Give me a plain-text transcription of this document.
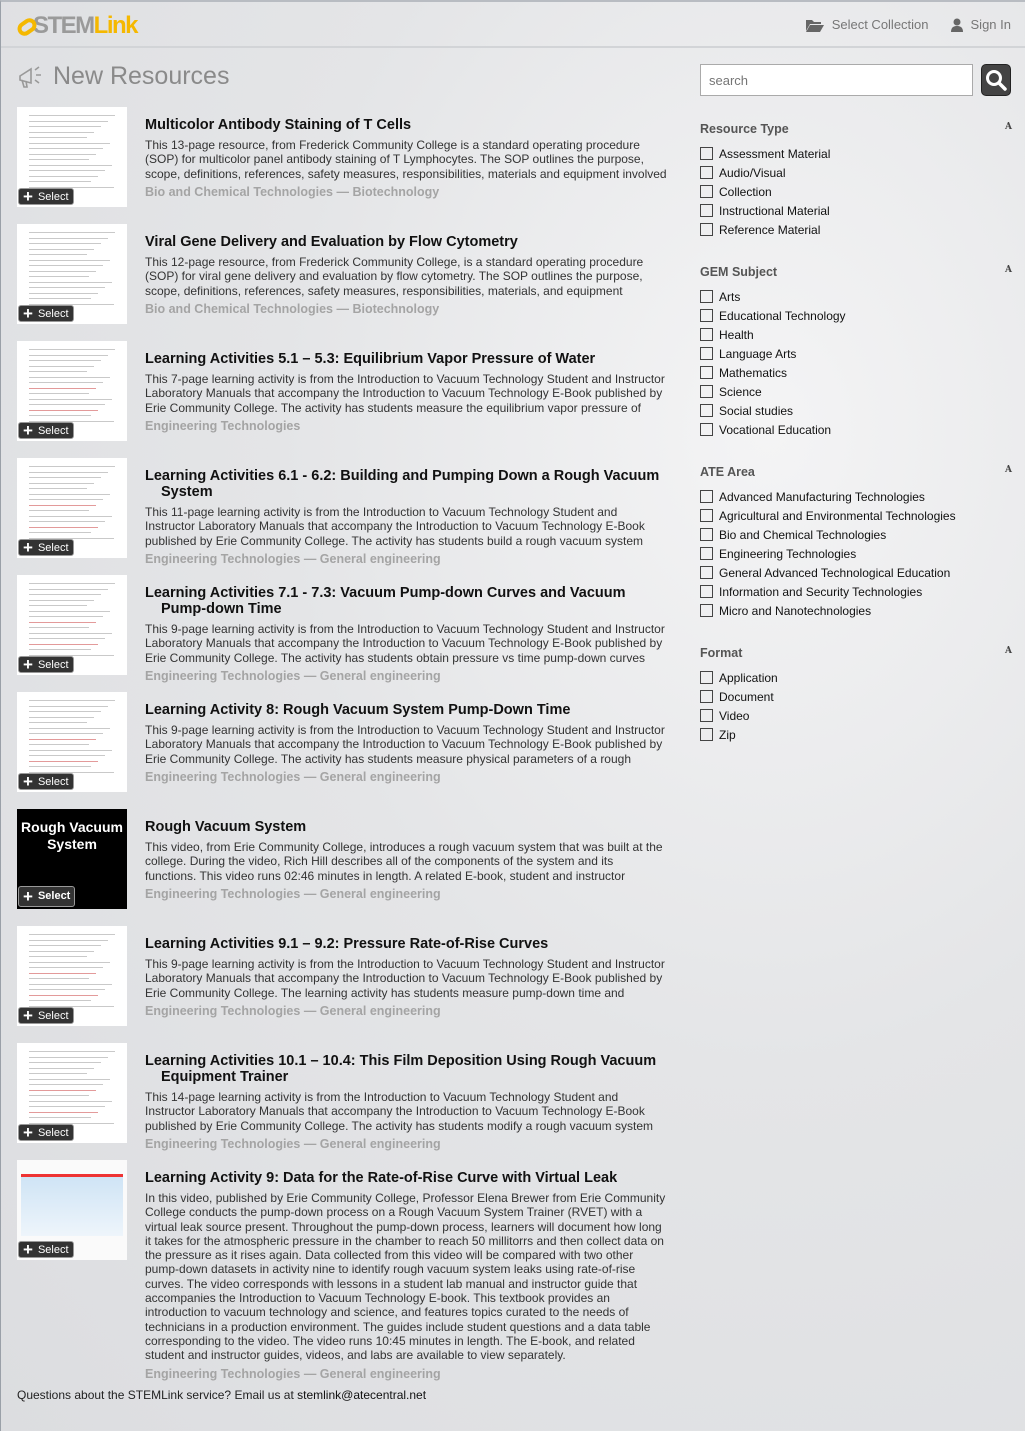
STEMLink	Select Collection	Sign In
New Resources
+ Select
Multicolor Antibody Staining of T Cells
This 13-page resource, from Frederick Community College is a standard operating procedure (SOP) for multicolor panel antibody staining of T Lymphocytes. The SOP outlines the purpose, scope, definitions, references, safety measures, responsibilities, materials and equipment involved
Bio and Chemical Technologies — Biotechnology
+ Select
Viral Gene Delivery and Evaluation by Flow Cytometry
This 12-page resource, from Frederick Community College, is a standard operating procedure (SOP) for viral gene delivery and evaluation by flow cytometry. The SOP outlines the purpose, scope, definitions, references, safety measures, responsibilities, materials, and equipment
Bio and Chemical Technologies — Biotechnology
+ Select
Learning Activities 5.1 – 5.3: Equilibrium Vapor Pressure of Water
This 7-page learning activity is from the Introduction to Vacuum Technology Student and Instructor Laboratory Manuals that accompany the Introduction to Vacuum Technology E-Book published by Erie Community College. The activity has students measure the equilibrium vapor pressure of
Engineering Technologies
+ Select
Learning Activities 6.1 - 6.2: Building and Pumping Down a Rough Vacuum System
This 11-page learning activity is from the Introduction to Vacuum Technology Student and Instructor Laboratory Manuals that accompany the Introduction to Vacuum Technology E-Book published by Erie Community College. The activity has students build a rough vacuum system
Engineering Technologies — General engineering
+ Select
Learning Activities 7.1 - 7.3: Vacuum Pump-down Curves and Vacuum Pump-down Time
This 9-page learning activity is from the Introduction to Vacuum Technology Student and Instructor Laboratory Manuals that accompany the Introduction to Vacuum Technology E-Book published by Erie Community College. The activity has students obtain pressure vs time pump-down curves
Engineering Technologies — General engineering
+ Select
Learning Activity 8: Rough Vacuum System Pump-Down Time
This 9-page learning activity is from the Introduction to Vacuum Technology Student and Instructor Laboratory Manuals that accompany the Introduction to Vacuum Technology E-Book published by Erie Community College. The activity has students measure physical parameters of a rough
Engineering Technologies — General engineering
Rough Vacuum System
+ Select
Rough Vacuum System
This video, from Erie Community College, introduces a rough vacuum system that was built at the college. During the video, Rich Hill describes all of the components of the system and its functions. This video runs 02:46 minutes in length. A related E-book, student and instructor
Engineering Technologies — General engineering
+ Select
Learning Activities 9.1 – 9.2: Pressure Rate-of-Rise Curves
This 9-page learning activity is from the Introduction to Vacuum Technology Student and Instructor Laboratory Manuals that accompany the Introduction to Vacuum Technology E-Book published by Erie Community College. The learning activity has students measure pump-down time and
Engineering Technologies — General engineering
+ Select
Learning Activities 10.1 – 10.4: This Film Deposition Using Rough Vacuum Equipment Trainer
This 14-page learning activity is from the Introduction to Vacuum Technology Student and Instructor Laboratory Manuals that accompany the Introduction to Vacuum Technology E-Book published by Erie Community College. The activity has students modify a rough vacuum system
Engineering Technologies — General engineering
+ Select
Learning Activity 9: Data for the Rate-of-Rise Curve with Virtual Leak
In this video, published by Erie Community College, Professor Elena Brewer from Erie Community College conducts the pump-down process on a Rough Vacuum System Trainer (RVET) with a virtual leak source present. Throughout the pump-down process, learners will document how long it takes for the atmospheric pressure in the chamber to reach 50 millitorrs and then collect data on the pressure as it rises again. Data collected from this video will be compared with two other pump-down datasets in activity nine to identify rough vacuum system leaks using rate-of-rise curves. The video corresponds with lessons in a student lab manual and instructor guide that accompanies the Introduction to Vacuum Technology E-book. This textbook provides an introduction to vacuum technology and science, and features topics curated to the needs of technicians in a production environment. The guides include student questions and a data table corresponding to the video. The video runs 10:45 minutes in length. The E-book, and related student and instructor guides, videos, and labs are available to view separately.
Engineering Technologies — General engineering
Questions about the STEMLink service? Email us at stemlink@atecentral.net
search
Resource Type	A
Assessment Material
Audio/Visual
Collection
Instructional Material
Reference Material
GEM Subject	A
Arts
Educational Technology
Health
Language Arts
Mathematics
Science
Social studies
Vocational Education
ATE Area	A
Advanced Manufacturing Technologies
Agricultural and Environmental Technologies
Bio and Chemical Technologies
Engineering Technologies
General Advanced Technological Education
Information and Security Technologies
Micro and Nanotechnologies
Format	A
Application
Document
Video
Zip
